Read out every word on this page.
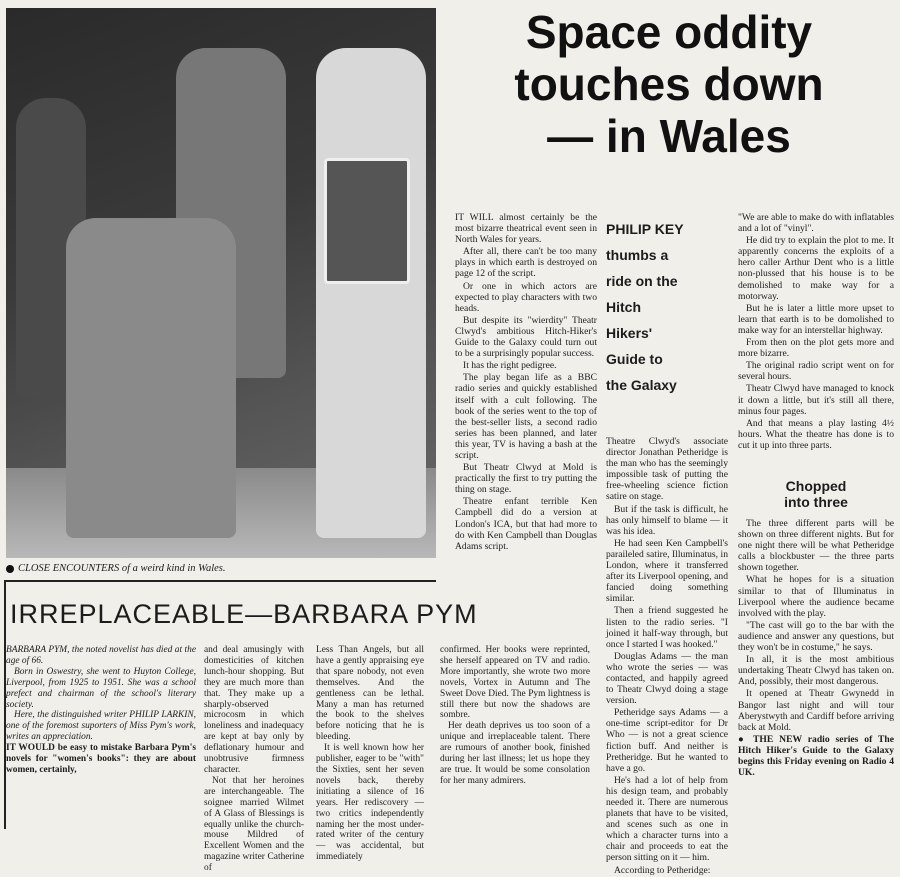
CLOSE ENCOUNTERS of a weird kind in Wales.
Space oddity
touches down
— in Wales

IT WILL almost certainly be the most bizarre theatrical event seen in North Wales for years.

After all, there can't be too many plays in which earth is destroyed on page 12 of the script.

Or one in which actors are expected to play characters with two heads.

But despite its "wierdity" Theatr Clwyd's ambitious Hitch-Hiker's Guide to the Galaxy could turn out to be a surprisingly popular success.

It has the right pedigree.

The play began life as a BBC radio series and quickly established itself with a cult following. The book of the series went to the top of the best-seller lists, a second radio series has been planned, and later this year, TV is having a bash at the script.

But Theatr Clwyd at Mold is practically the first to try putting the thing on stage.

Theatre enfant terrible Ken Campbell did do a version at London's ICA, but that had more to do with Ken Campbell than Douglas Adams script.

PHILIP KEY
thumbs a
ride on the
Hitch
Hikers'
Guide to
the Galaxy

Theatre Clwyd's associate director Jonathan Petheridge is the man who has the seemingly impossible task of putting the free-wheeling science fiction satire on stage.

But if the task is difficult, he has only himself to blame — it was his idea.

He had seen Ken Campbell's paraileled satire, Illuminatus, in London, where it transferred after its Liverpool opening, and fancied doing something similar.

Then a friend suggested he listen to the radio series. "I joined it half-way through, but once I started I was hooked."

Douglas Adams — the man who wrote the series — was contacted, and happily agreed to Theatr Clwyd doing a stage version.

Petheridge says Adams — a one-time script-editor for Dr Who — is not a great science fiction buff. And neither is Pretheridge. But he wanted to have a go.

He's had a lot of help from his design team, and probably needed it. There are numerous planets that have to be visited, and scenes such as one in which a character turns into a chair and proceeds to eat the person sitting on it — him.

According to Petheridge:

"We are able to make do with inflatables and a lot of "vinyl".

He did try to explain the plot to me. It apparently concerns the exploits of a hero caller Arthur Dent who is a little non-plussed that his house is to be demolished to make way for a motorway.

But he is later a little more upset to learn that earth is to be domolished to make way for an interstellar highway.

From then on the plot gets more and more bizarre.

The original radio script went on for several hours.

Theatr Clwyd have managed to knock it down a little, but it's still all there, minus four pages.

And that means a play lasting 4½ hours. What the theatre has done is to cut it up into three parts.

Chopped
into three

The three different parts will be shown on three different nights. But for one night there will be what Petheridge calls a blockbuster — the three parts shown together.

What he hopes for is a situation similar to that of Illuminatus in Liverpool where the audience became involved with the play.

"The cast will go to the bar with the audience and answer any questions, but they won't be in costume," he says.

In all, it is the most ambitious undertaking Theatr Clwyd has taken on. And, possibly, their most dangerous.

It opened at Theatr Gwynedd in Bangor last night and will tour Aberystwyth and Cardiff before arriving back at Mold.

● THE NEW radio series of The Hitch Hiker's Guide to the Galaxy begins this Friday evening on Radio 4 UK.

IRREPLACEABLE—BARBARA PYM

BARBARA PYM, the noted novelist has died at the age of 66.

Born in Oswestry, she went to Huyton College, Liverpool, from 1925 to 1951. She was a school prefect and chairman of the school's literary society.

Here, the distinguished writer PHILIP LARKIN, one of the foremost suporters of Miss Pym's work, writes an appreciation.

IT WOULD be easy to mistake Barbara Pym's novels for "women's books": they are about women, certainly,

and deal amusingly with domesticities of kitchen lunch-hour shopping. But they are much more than that. They make up a sharply-observed microcosm in which loneliness and inadequacy are kept at bay only by deflationary humour and unobtrusive firmness character.

Not that her heroines are interchangeable. The soignee married Wilmet of A Glass of Blessings is equally unlike the church-mouse Mildred of Excellent Women and the magazine writer Catherine of

Less Than Angels, but all have a gently appraising eye that spare nobody, not even themselves. And the gentleness can be lethal. Many a man has returned the book to the shelves before noticing that he is bleeding.

It is well known how her publisher, eager to be "with" the Sixties, sent her seven novels back, thereby initiating a silence of 16 years. Her rediscovery — two critics independently naming her the most under-rated writer of the century — was accidental, but immediately

confirmed. Her books were reprinted, she herself appeared on TV and radio. More importantly, she wrote two more novels, Vortex in Autumn and The Sweet Dove Died. The Pym lightness is still there but now the shadows are sombre.

Her death deprives us too soon of a unique and irreplaceable talent. There are rumours of another book, finished during her last illness; let us hope they are true. It would be some consolation for her many admirers.
